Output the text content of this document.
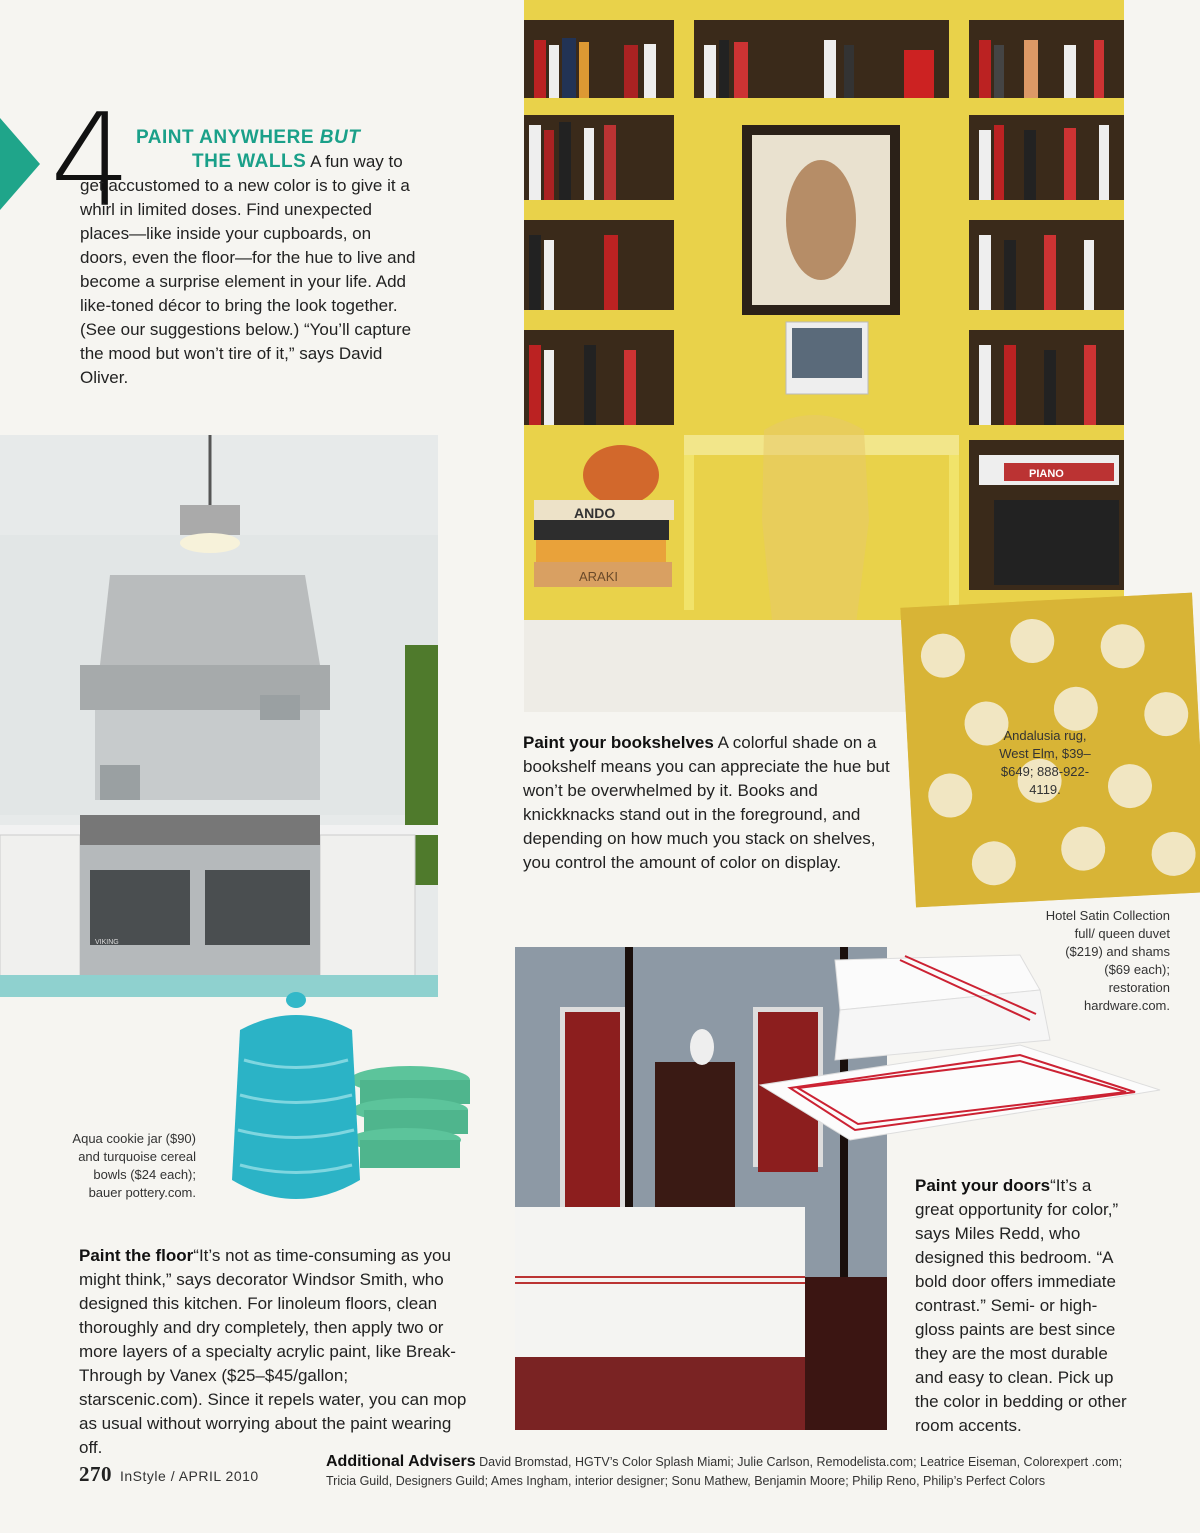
4 PAINT ANYWHERE BUT
THE WALLS A fun way to get accustomed to a new color is to give it a whirl in limited doses. Find unexpected places—like inside your cupboards, on doors, even the floor—for the hue to live and become a surprise element in your life. Add like-toned décor to bring the look together. (See our suggestions below.) “You’ll capture the mood but won’t tire of it,” says David Oliver.
VIKING
Aqua cookie jar ($90) and turquoise cereal bowls ($24 each); bauer pottery.com.
ANDO
ARAKI
PIANO
Andalusia rug, West Elm, $39–$649; 888-922-4119.
Paint your bookshelves A colorful shade on a bookshelf means you can appreciate the hue but won’t be overwhelmed by it. Books and knickknacks stand out in the foreground, and depending on how much you stack on shelves, you control the amount of color on display.
Hotel Satin Collection full/ queen duvet ($219) and shams ($69 each); restoration hardware.com.
Paint the floor“It’s not as time-consuming as you might think,” says decorator Windsor Smith, who designed this kitchen. For linoleum floors, clean thoroughly and dry completely, then apply two or more layers of a specialty acrylic paint, like Break-Through by Vanex ($25–$45/gallon; starscenic.com). Since it repels water, you can mop as usual without worrying about the paint wearing off.
Paint your doors“It’s a great opportunity for color,” says Miles Redd, who designed this bedroom. “A bold door offers immediate contrast.” Semi- or high-gloss paints are best since they are the most durable and easy to clean. Pick up the color in bedding or other room accents.
270 InStyle / APRIL 2010
Additional Advisers David Bromstad, HGTV’s Color Splash Miami; Julie Carlson, Remodelista.com; Leatrice Eiseman, Colorexpert .com; Tricia Guild, Designers Guild; Ames Ingham, interior designer; Sonu Mathew, Benjamin Moore; Philip Reno, Philip’s Perfect Colors
